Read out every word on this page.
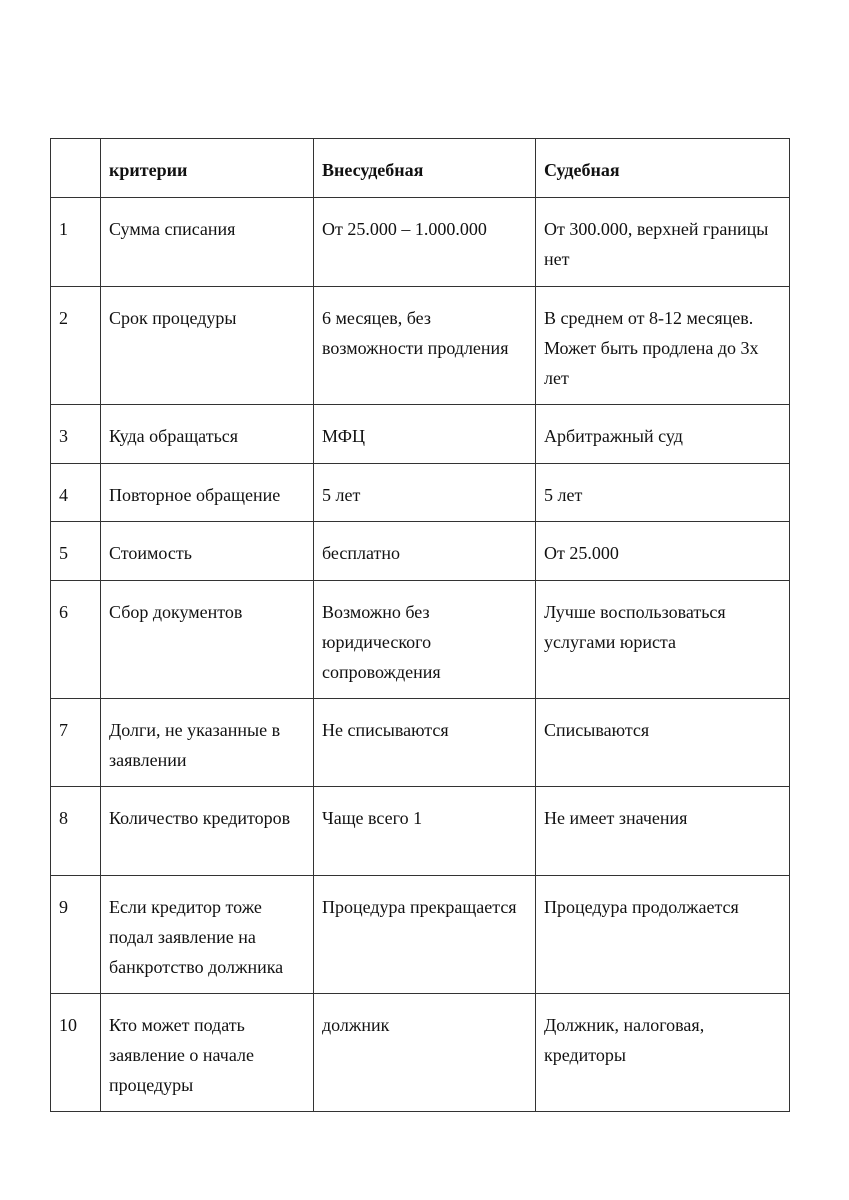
	критерии	Внесудебная	Судебная
1	Сумма списания	От 25.000 – 1.000.000	От 300.000, верхней границы нет
2	Срок процедуры	6 месяцев, без возможности продления	В среднем от 8-12 месяцев. Может быть продлена до 3х лет
3	Куда обращаться	МФЦ	Арбитражный суд
4	Повторное обращение	5 лет	5 лет
5	Стоимость	бесплатно	От 25.000
6	Сбор документов	Возможно без юридического сопровождения	Лучше воспользоваться услугами юриста
7	Долги, не указанные в заявлении	Не списываются	Списываются
8	Количество кредиторов	Чаще всего 1	Не имеет значения
9	Если кредитор тоже подал заявление на банкротство должника	Процедура прекращается	Процедура продолжается
10	Кто может подать заявление о начале процедуры	должник	Должник, налоговая, кредиторы
